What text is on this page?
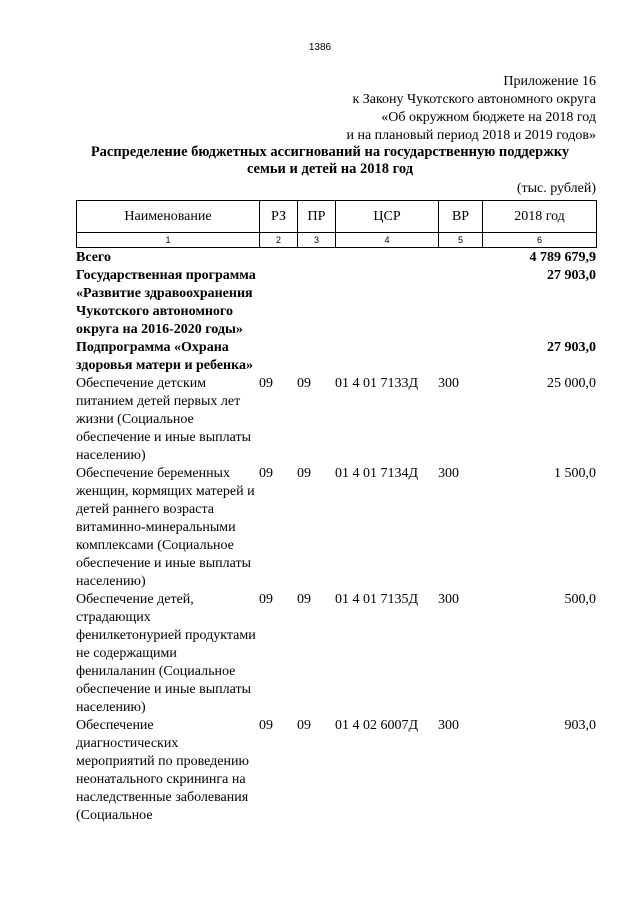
1386
Приложение 16
к Закону Чукотского автономного округа
«Об окружном бюджете на 2018 год
и на плановый период 2018 и 2019 годов»
Распределение бюджетных ассигнований на государственную поддержку
семьи и детей на 2018 год
(тыс. рублей)
Наименование	РЗ	ПР	ЦСР	ВР	2018 год
1	2	3	4	5	6
Всего					4 789 679,9
Государственная программа «Развитие здравоохранения Чукотского автономного округа на 2016-2020 годы»					27 903,0
Подпрограмма «Охрана здоровья матери и ребенка»					27 903,0
Обеспечение детским питанием детей первых лет жизни (Социальное обеспечение и иные выплаты населению)	09	09	01 4 01 7133Д	300	25 000,0
Обеспечение беременных женщин, кормящих матерей и детей раннего возраста витаминно-минеральными комплексами (Социальное обеспечение и иные выплаты населению)	09	09	01 4 01 7134Д	300	1 500,0
Обеспечение детей, страдающих фенилкетонурией продуктами не содержащими фенилаланин (Социальное обеспечение и иные выплаты населению)	09	09	01 4 01 7135Д	300	500,0
Обеспечение диагностических мероприятий по проведению неонатального скрининга на наследственные заболевания (Социальное	09	09	01 4 02 6007Д	300	903,0
